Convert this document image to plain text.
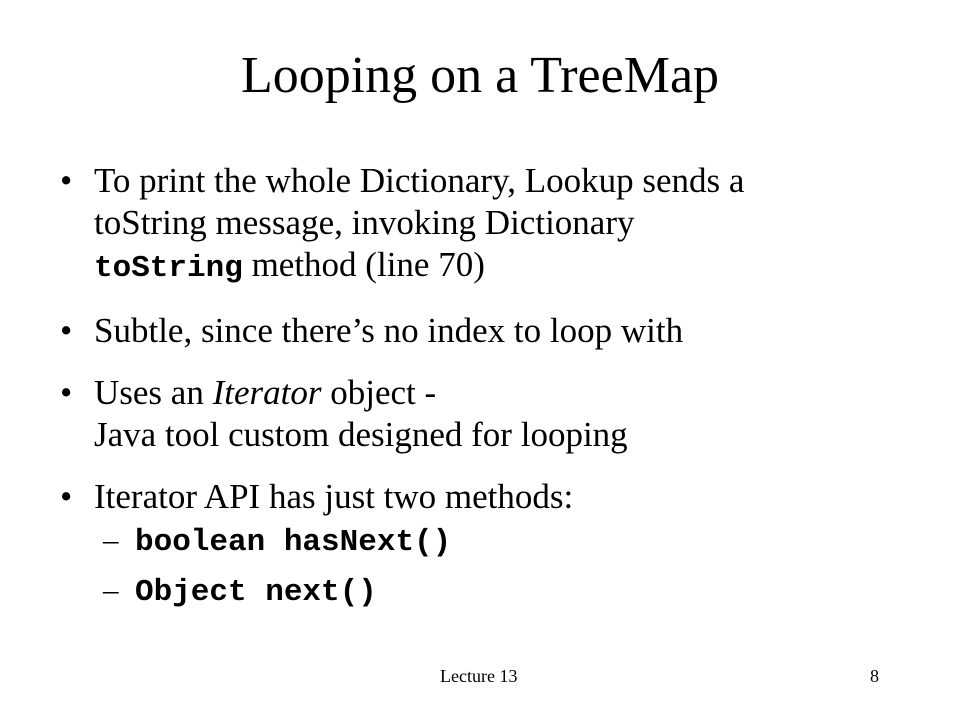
Looping on a TreeMap
• To print the whole Dictionary, Lookup sends a
toString message, invoking Dictionary
toString method (line 70)
• Subtle, since there’s no index to loop with
• Uses an Iterator object -
Java tool custom designed for looping
• Iterator API has just two methods:
– boolean hasNext()
– Object next()
Lecture 13	8
